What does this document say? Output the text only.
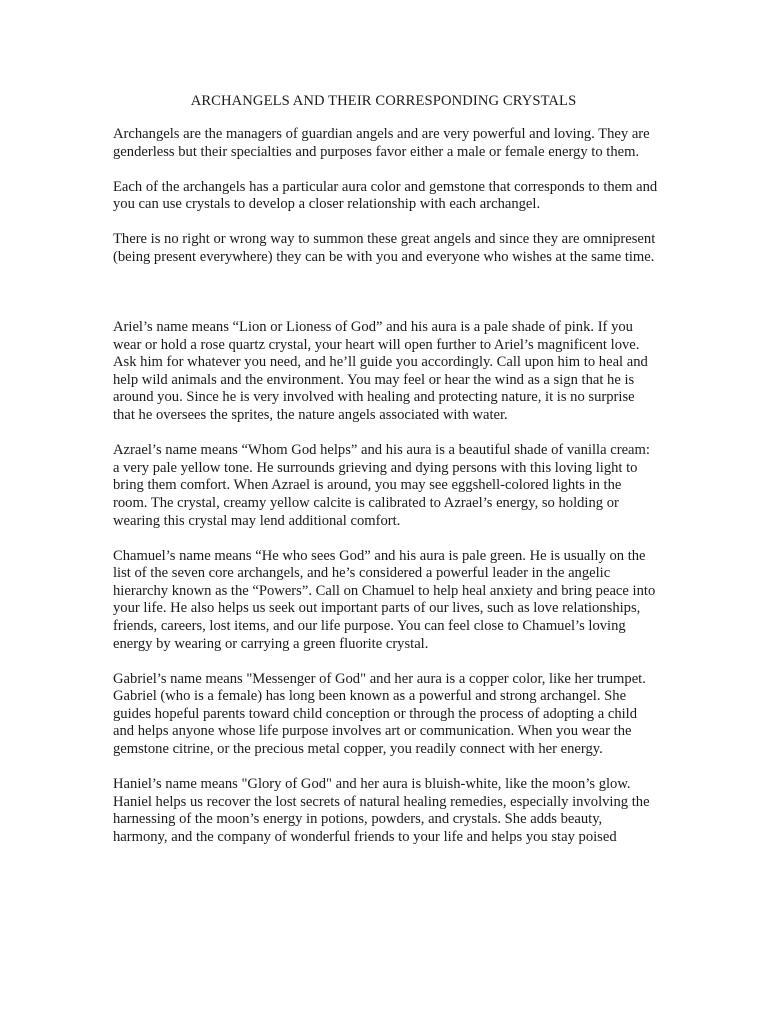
ARCHANGELS AND THEIR CORRESPONDING CRYSTALS

Archangels are the managers of guardian angels and are very powerful and loving. They are genderless but their specialties and purposes favor either a male or female energy to them.

Each of the archangels has a particular aura color and gemstone that corresponds to them and you can use crystals to develop a closer relationship with each archangel.

There is no right or wrong way to summon these great angels and since they are omnipresent (being present everywhere) they can be with you and everyone who wishes at the same time.

Ariel’s name means “Lion or Lioness of God” and his aura is a pale shade of pink. If you wear or hold a rose quartz crystal, your heart will open further to Ariel’s magnificent love. Ask him for whatever you need, and he’ll guide you accordingly. Call upon him to heal and help wild animals and the environment. You may feel or hear the wind as a sign that he is around you. Since he is very involved with healing and protecting nature, it is no surprise that he oversees the sprites, the nature angels associated with water.

Azrael’s name means “Whom God helps” and his aura is a beautiful shade of vanilla cream: a very pale yellow tone. He surrounds grieving and dying persons with this loving light to bring them comfort. When Azrael is around, you may see eggshell-colored lights in the room. The crystal, creamy yellow calcite is calibrated to Azrael’s energy, so holding or wearing this crystal may lend additional comfort.

Chamuel’s name means “He who sees God” and his aura is pale green. He is usually on the list of the seven core archangels, and he’s considered a powerful leader in the angelic hierarchy known as the “Powers”. Call on Chamuel to help heal anxiety and bring peace into your life. He also helps us seek out important parts of our lives, such as love relationships, friends, careers, lost items, and our life purpose. You can feel close to Chamuel’s loving energy by wearing or carrying a green fluorite crystal.

Gabriel’s name means "Messenger of God" and her aura is a copper color, like her trumpet. Gabriel (who is a female) has long been known as a powerful and strong archangel. She guides hopeful parents toward child conception or through the process of adopting a child and helps anyone whose life purpose involves art or communication. When you wear the gemstone citrine, or the precious metal copper, you readily connect with her energy.

Haniel’s name means "Glory of God" and her aura is bluish-white, like the moon’s glow. Haniel helps us recover the lost secrets of natural healing remedies, especially involving the harnessing of the moon’s energy in potions, powders, and crystals. She adds beauty, harmony, and the company of wonderful friends to your life and helps you stay poised
